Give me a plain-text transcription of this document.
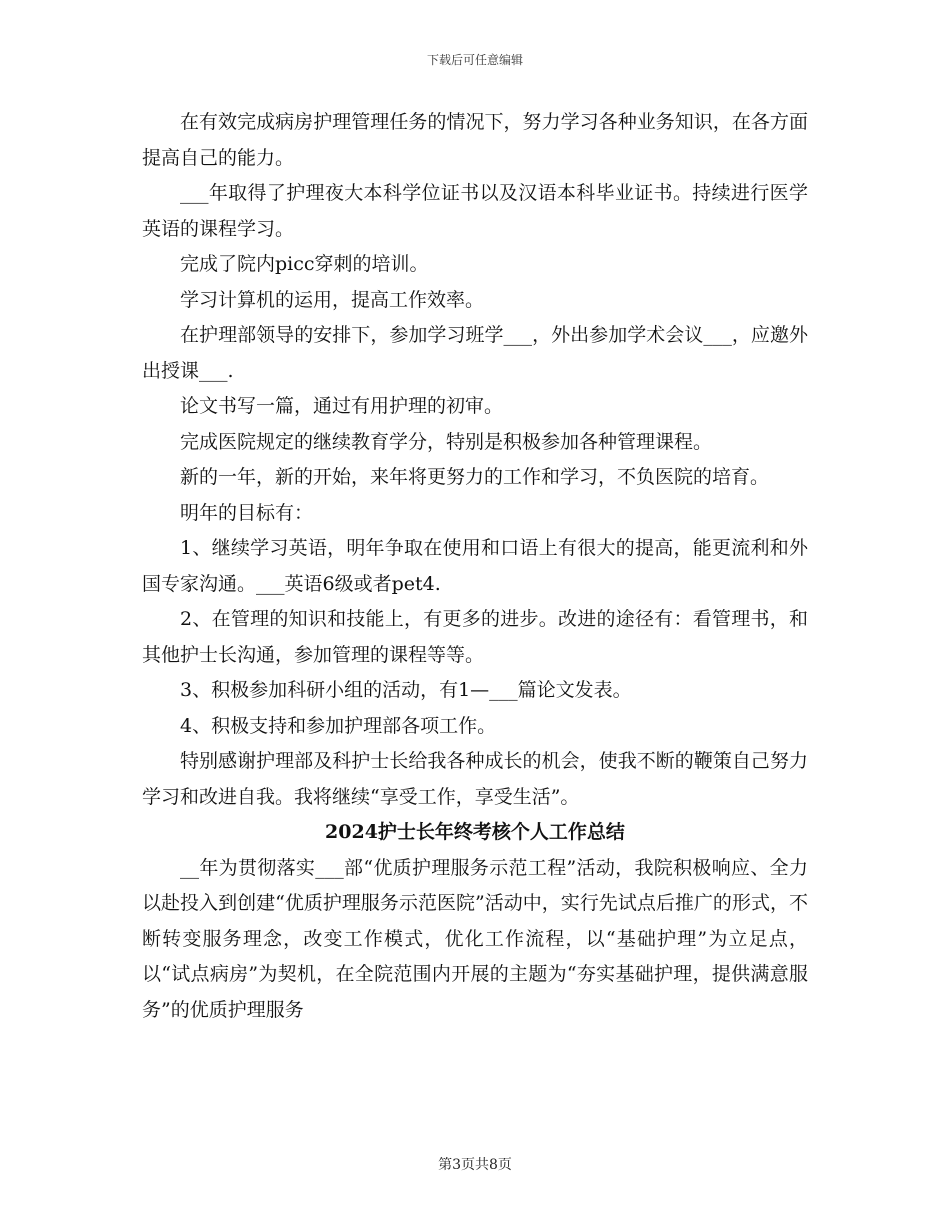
下载后可任意编辑

在有效完成病房护理管理任务的情况下，努力学习各种业务知识，在各方面提高自己的能力。

___年取得了护理夜大本科学位证书以及汉语本科毕业证书。持续进行医学英语的课程学习。

完成了院内picc穿刺的培训。

学习计算机的运用，提高工作效率。

在护理部领导的安排下，参加学习班学___，外出参加学术会议___，应邀外出授课___.

论文书写一篇，通过有用护理的初审。

完成医院规定的继续教育学分，特别是积极参加各种管理课程。

新的一年，新的开始，来年将更努力的工作和学习，不负医院的培育。

明年的目标有：

1、继续学习英语，明年争取在使用和口语上有很大的提高，能更流利和外国专家沟通。___英语6级或者pet4.

2、在管理的知识和技能上，有更多的进步。改进的途径有：看管理书，和其他护士长沟通，参加管理的课程等等。

3、积极参加科研小组的活动，有1—___篇论文发表。

4、积极支持和参加护理部各项工作。

特别感谢护理部及科护士长给我各种成长的机会，使我不断的鞭策自己努力学习和改进自我。我将继续“享受工作，享受生活”。

2024护士长年终考核个人工作总结

__年为贯彻落实___部“优质护理服务示范工程”活动，我院积极响应、全力以赴投入到创建“优质护理服务示范医院”活动中，实行先试点后推广的形式，不断转变服务理念，改变工作模式，优化工作流程，以“基础护理”为立足点，以“试点病房”为契机，在全院范围内开展的主题为“夯实基础护理，提供满意服务”的优质护理服务

第3页共8页
